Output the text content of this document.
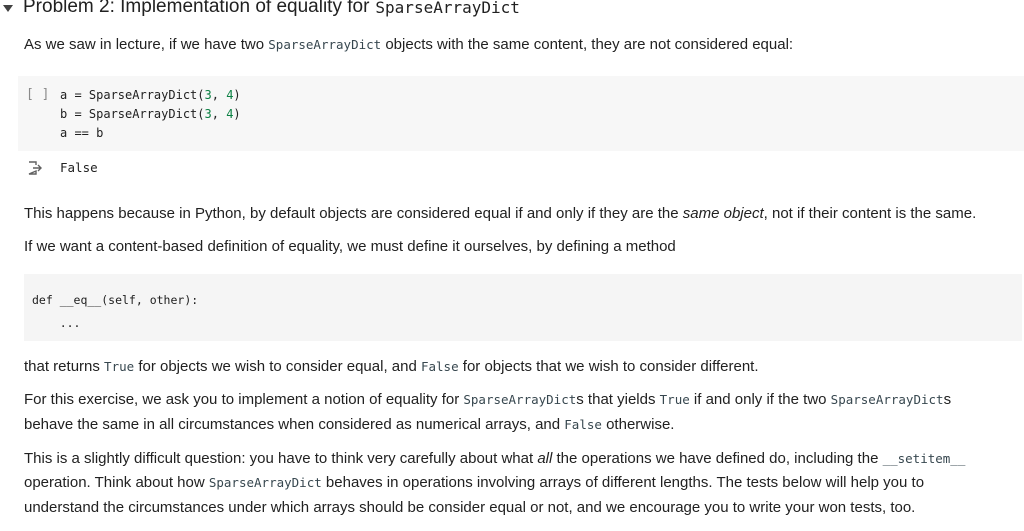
Problem 2: Implementation of equality for SparseArrayDict
As we saw in lecture, if we have two SparseArrayDict objects with the same content, they are not considered equal:
[ ] a = SparseArrayDict(3, 4)
b = SparseArrayDict(3, 4)
a == b
False
This happens because in Python, by default objects are considered equal if and only if they are the same object, not if their content is the same.
If we want a content-based definition of equality, we must define it ourselves, by defining a method
def __eq__(self, other):
...
that returns True for objects we wish to consider equal, and False for objects that we wish to consider different.
For this exercise, we ask you to implement a notion of equality for SparseArrayDicts that yields True if and only if the two SparseArrayDicts
behave the same in all circumstances when considered as numerical arrays, and False otherwise.
This is a slightly difficult question: you have to think very carefully about what all the operations we have defined do, including the __setitem__
operation. Think about how SparseArrayDict behaves in operations involving arrays of different lengths. The tests below will help you to
understand the circumstances under which arrays should be consider equal or not, and we encourage you to write your won tests, too.
